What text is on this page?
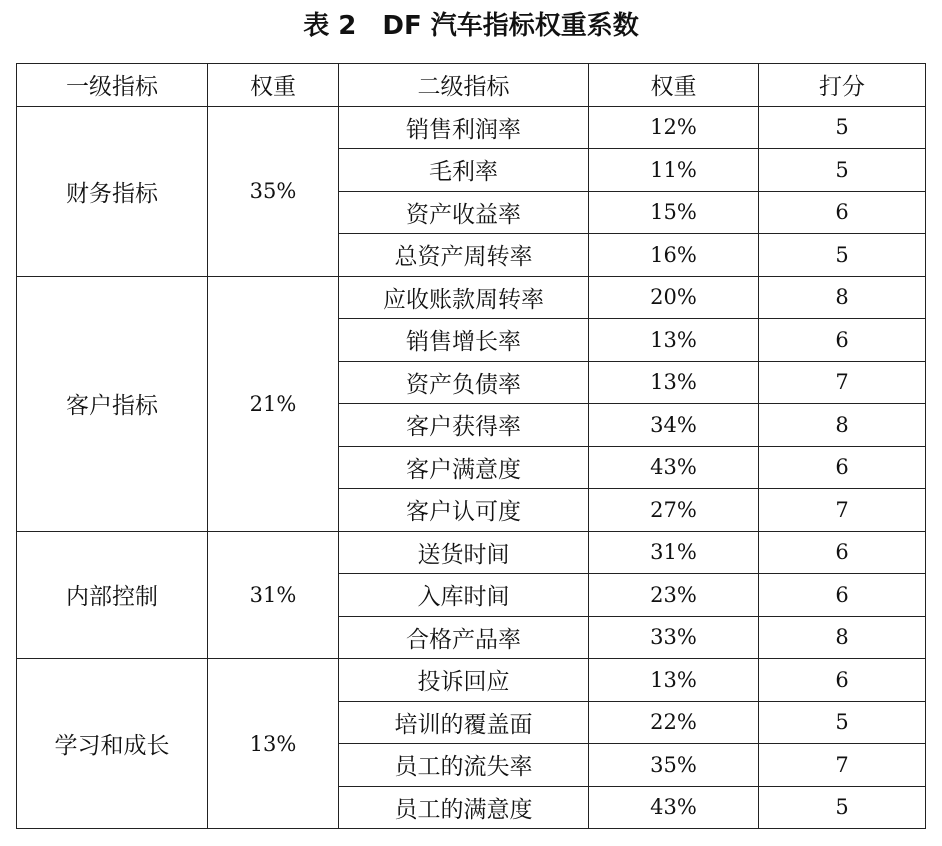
表 2 DF 汽车指标权重系数
一级指标	权重	二级指标	权重	打分
财务指标	35%	销售利润率	12%	5
		毛利率	11%	5
		资产收益率	15%	6
		总资产周转率	16%	5
客户指标	21%	应收账款周转率	20%	8
		销售增长率	13%	6
		资产负债率	13%	7
		客户获得率	34%	8
		客户满意度	43%	6
		客户认可度	27%	7
内部控制	31%	送货时间	31%	6
		入库时间	23%	6
		合格产品率	33%	8
学习和成长	13%	投诉回应	13%	6
		培训的覆盖面	22%	5
		员工的流失率	35%	7
		员工的满意度	43%	5
